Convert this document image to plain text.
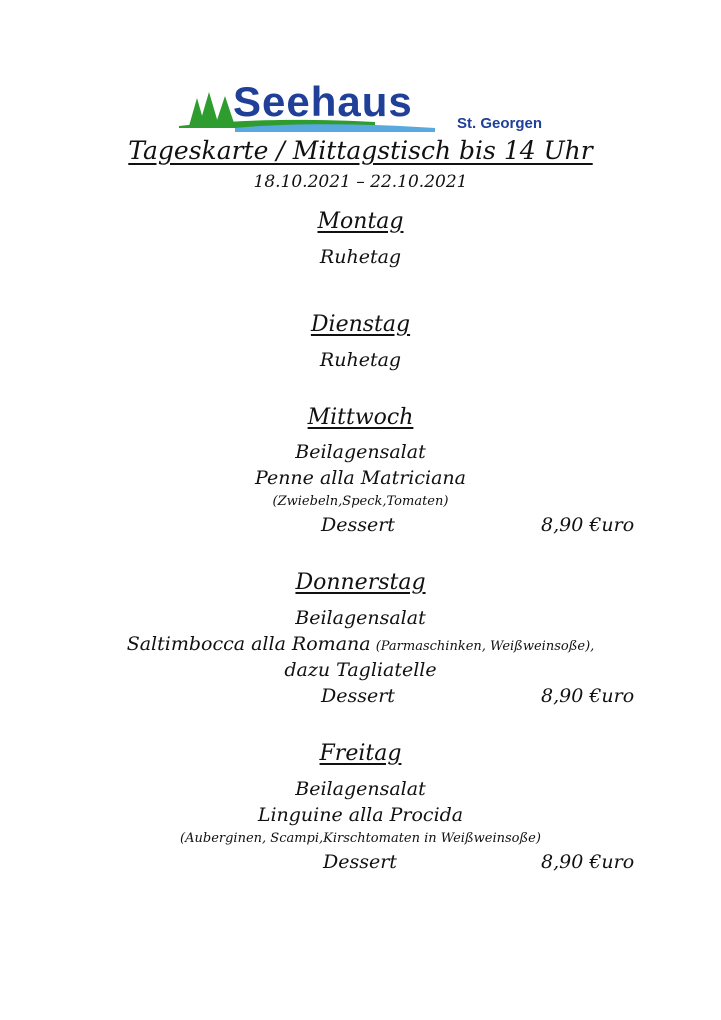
Seehaus	St. Georgen
Tageskarte / Mittagstisch bis 14 Uhr
18.10.2021 – 22.10.2021
Montag
Ruhetag
Dienstag
Ruhetag
Mittwoch
Beilagensalat
Penne alla Matriciana
(Zwiebeln,Speck,Tomaten)
Dessert	8,90 €uro
Donnerstag
Beilagensalat
Saltimbocca alla Romana (Parmaschinken, Weißweinsoße),
dazu Tagliatelle
Dessert	8,90 €uro
Freitag
Beilagensalat
Linguine alla Procida
(Auberginen, Scampi,Kirschtomaten in Weißweinsoße)
Dessert	8,90 €uro
